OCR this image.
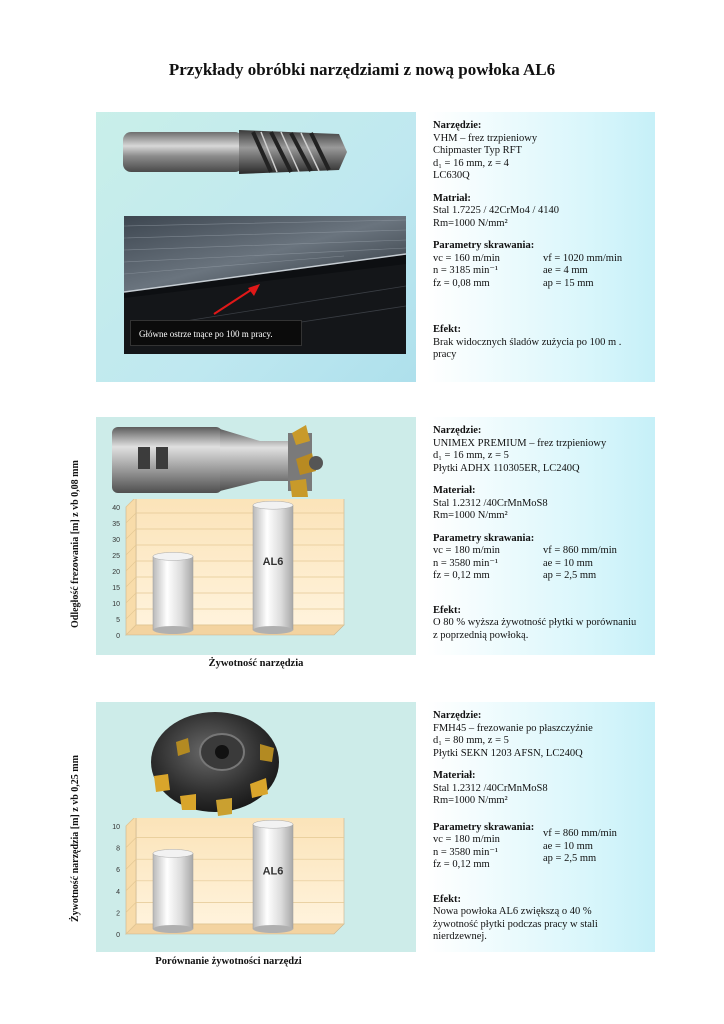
Przykłady obróbki narzędziami z nową powłoka AL6
Główne ostrze tnące po 100 m pracy.
Narzędzie:
VHM – frez trzpieniowy
Chipmaster Typ RFT
d₁ = 16 mm, z = 4
LC630Q
Matriał:
Stal 1.7225 / 42CrMo4 / 4140
Rm=1000 N/mm²
Parametry skrawania:
vc = 160 m/min
n = 3185 min⁻¹
fz = 0,08 mm
vf = 1020 mm/min
ae = 4 mm
ap = 15 mm
Efekt:
Brak widocznych śladów zużycia po 100 m .
pracy
Odległość frezowania [m] z vb 0,08 mm
0
5
10
15
20
25
30
35
40
AL6
Żywotność narzędzia
Narzędzie:
UNIMEX PREMIUM – frez trzpieniowy
d₁ = 16 mm, z = 5
Płytki ADHX 110305ER, LC240Q
Materiał:
Stal 1.2312 /40CrMnMoS8
Rm=1000 N/mm²
Parametry skrawania:
vc = 180 m/min
n = 3580 min⁻¹
fz = 0,12 mm
vf = 860 mm/min
ae = 10 mm
ap = 2,5 mm
Efekt:
O 80 % wyższa żywotność płytki w porównaniu
z poprzednią powłoką.
Żywotność narzędzia [m] z vb 0,25 mm
0
2
4
6
8
10
AL6
Porównanie żywotności narzędzi
Narzędzie:
FMH45 – frezowanie po płaszczyźnie
d₁ = 80 mm, z = 5
Płytki SEKN 1203 AFSN, LC240Q
Materiał:
Stal 1.2312 /40CrMnMoS8
Rm=1000 N/mm²
Parametry skrawania:
vc = 180 m/min
n = 3580 min⁻¹
fz = 0,12 mm
vf = 860 mm/min
ae = 10 mm
ap = 2,5 mm
Efekt:
Nowa powłoka AL6 zwiększą o 40 %
żywotność płytki podczas pracy w stali
nierdzewnej.
